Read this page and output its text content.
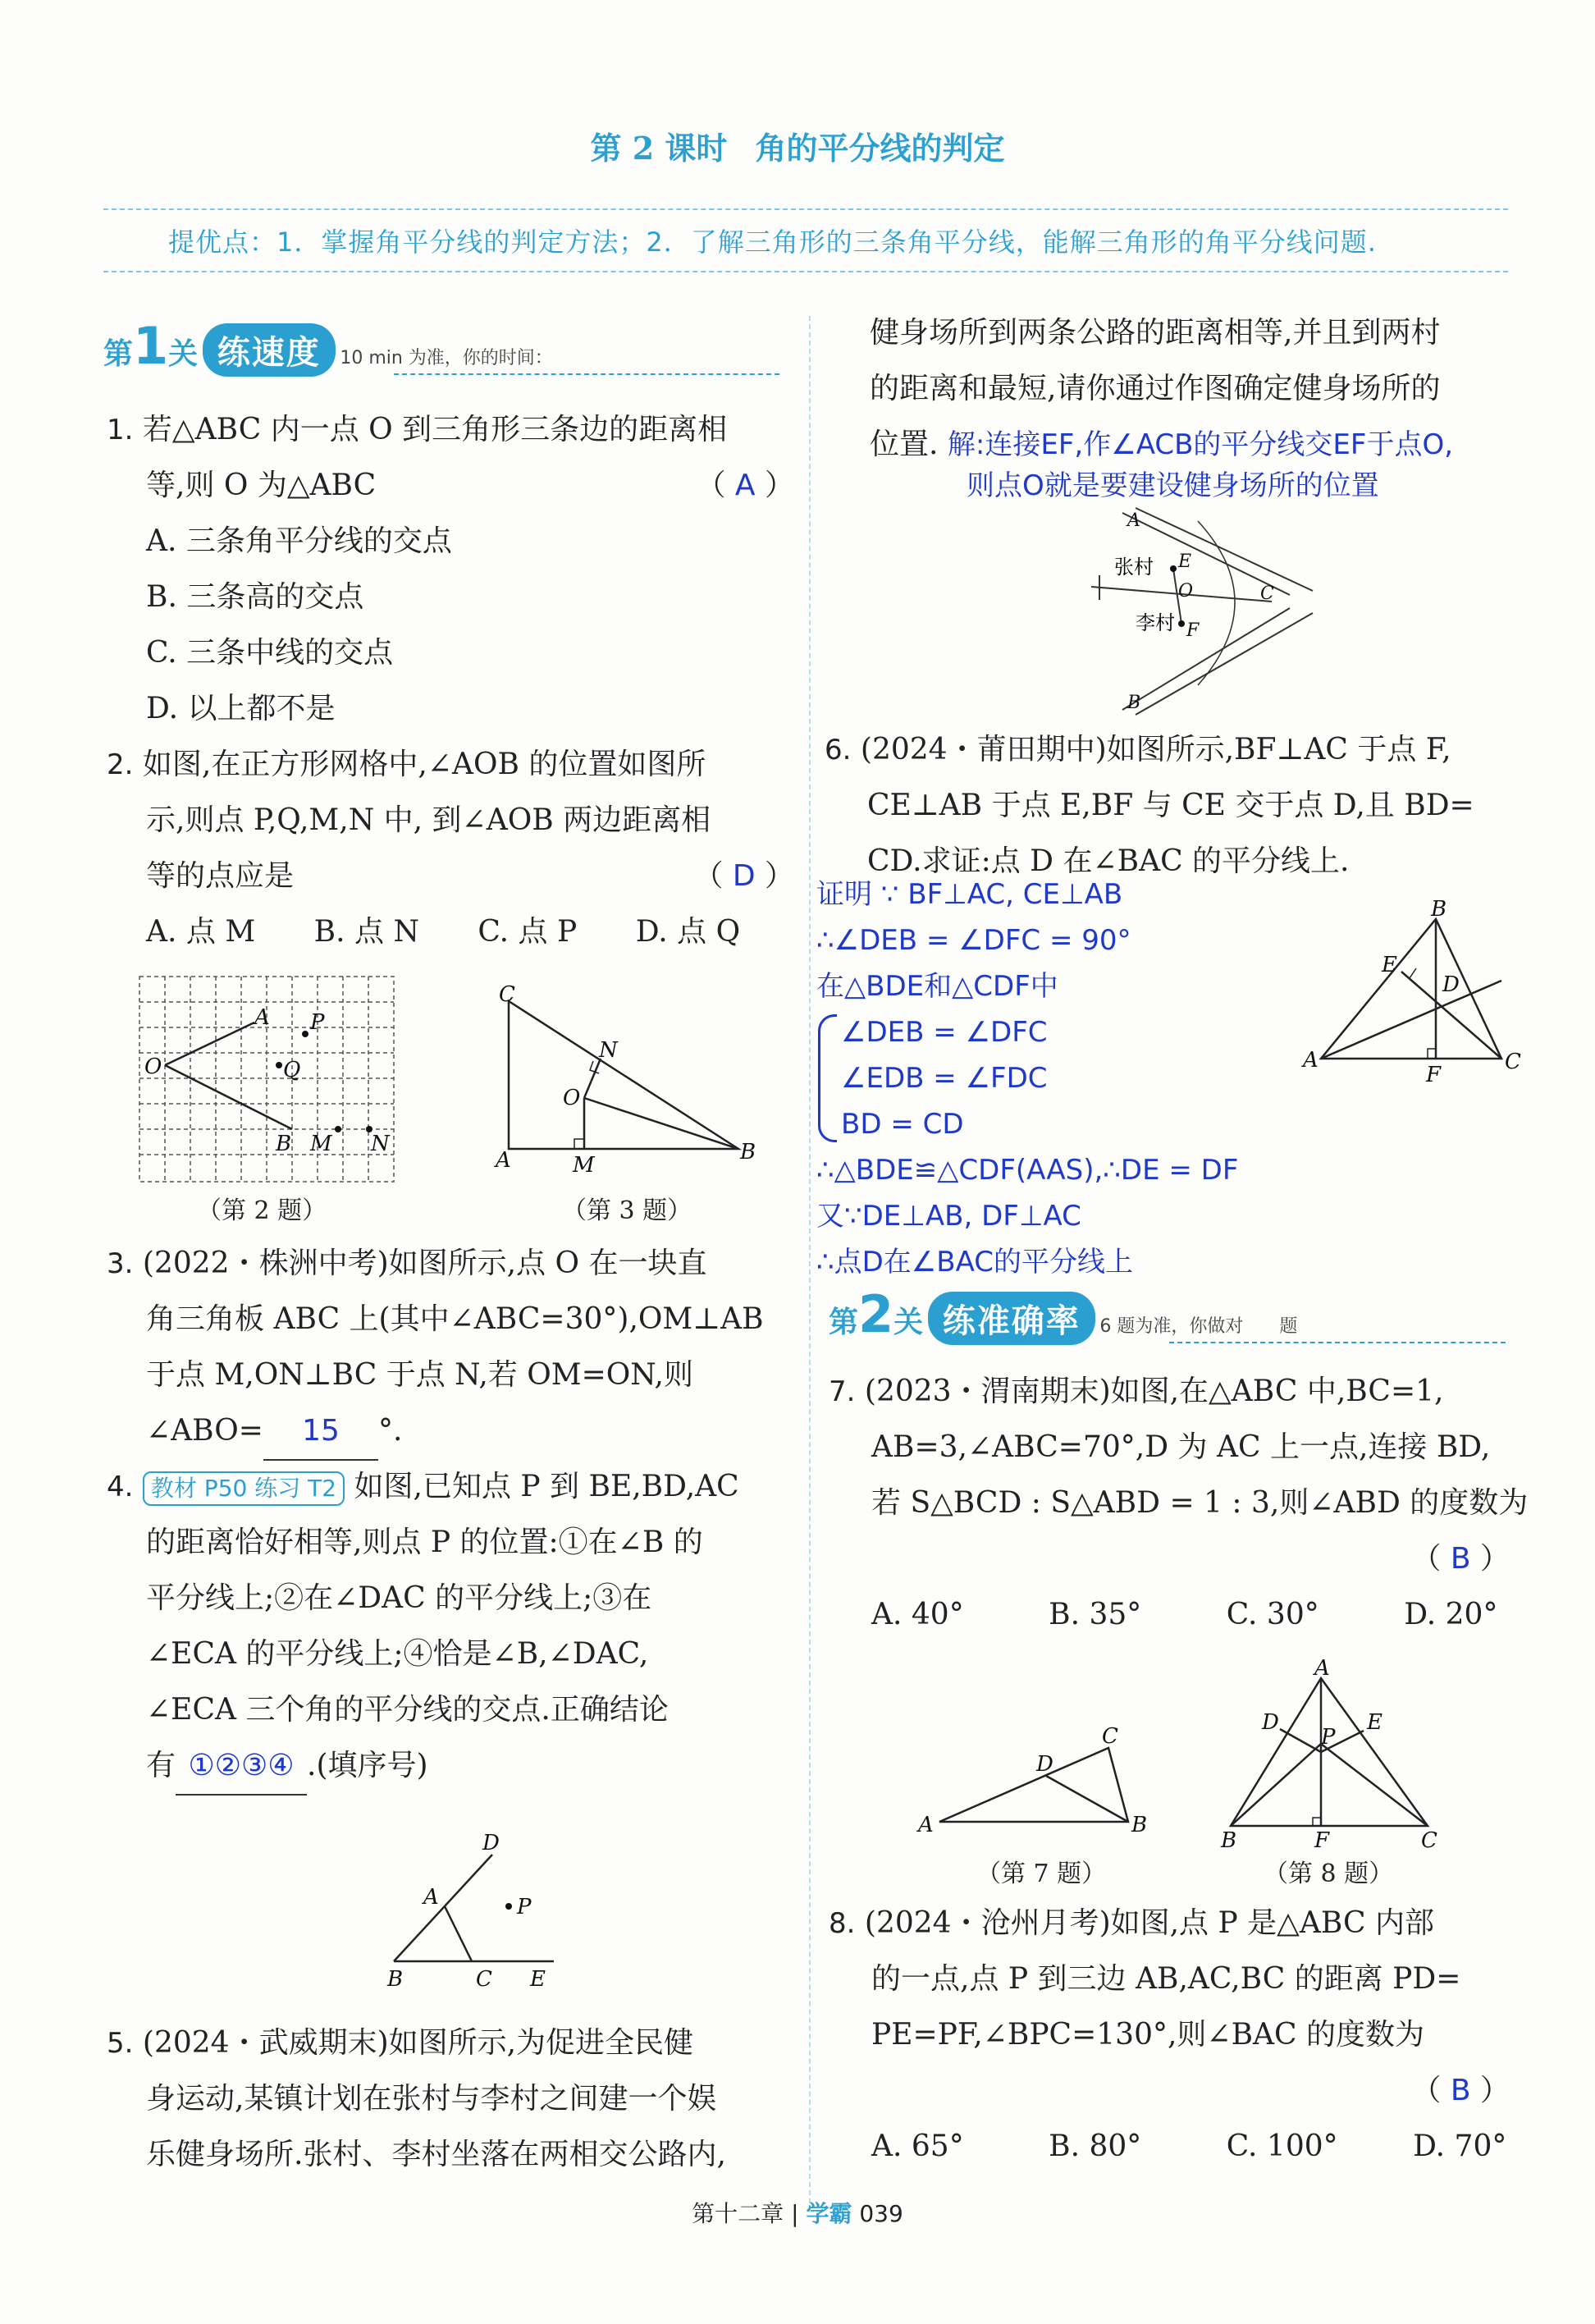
第 2 课时 角的平分线的判定
提优点：1．掌握角平分线的判定方法；2．了解三角形的三条角平分线，能解三角形的角平分线问题.
第1关 练速度 10 min 为准，你的时间：
1. 若△ABC 内一点 O 到三角形三条边的距离相
等,则 O 为△ABC	（ A ）
A. 三条角平分线的交点
B. 三条高的交点
C. 三条中线的交点
D. 以上都不是
2. 如图,在正方形网格中,∠AOB 的位置如图所
示,则点 P,Q,M,N 中, 到∠AOB 两边距离相
等的点应是	（ D ）
A. 点 M B. 点 N C. 点 P D. 点 Q
O
A P
Q
B M N
（第 2 题）
C
A	M
B
O
N
（第 3 题）
3. (2022・株洲中考)如图所示,点 O 在一块直
角三角板 ABC 上(其中∠ABC=30°),OM⊥AB
于点 M,ON⊥BC 于点 N,若 OM=ON,则
∠ABO= 15 °.
4. 教材 P50 练习 T2 如图,已知点 P 到 BE,BD,AC
的距离恰好相等,则点 P 的位置:①在∠B 的
平分线上;②在∠DAC 的平分线上;③在
∠ECA 的平分线上;④恰是∠B,∠DAC,
∠ECA 三个角的平分线的交点.正确结论
有 ①②③④ .(填序号)
D
A	P
B	C E
5. (2024・武威期末)如图所示,为促进全民健
身运动,某镇计划在张村与李村之间建一个娱
乐健身场所.张村、李村坐落在两相交公路内,
健身场所到两条公路的距离相等,并且到两村
的距离和最短,请你通过作图确定健身场所的
位置. 解:连接EF,作∠ACB的平分线交EF于点O,
则点O就是要建设健身场所的位置
A
B
C
E
F
O
张村
李村
6. (2024・莆田期中)如图所示,BF⊥AC 于点 F,
CE⊥AB 于点 E,BF 与 CE 交于点 D,且 BD=
CD.求证:点 D 在∠BAC 的平分线上.
证明 ∵ BF⊥AC, CE⊥AB
∴∠DEB = ∠DFC = 90°
在△BDE和△CDF中
∠DEB = ∠DFC
∠EDB = ∠FDC
BD = CD
∴△BDE≌△CDF(AAS),∴DE = DF
又∵DE⊥AB, DF⊥AC
∴点D在∠BAC的平分线上
B
E
D
A	C
F
第2关 练准确率 6 题为准，你做对　　题
7. (2023・渭南期末)如图,在△ABC 中,BC=1,
AB=3,∠ABC=70°,D 为 AC 上一点,连接 BD,
若 S△BCD : S△ABD = 1 : 3,则∠ABD 的度数为
（ B ）

A. 40°	B. 35°	C. 30°	D. 20°
A	B
C
D
（第 7 题）
A
D	E
P
B	F	C
（第 8 题）
8. (2024・沧州月考)如图,点 P 是△ABC 内部
的一点,点 P 到三边 AB,AC,BC 的距离 PD=
PE=PF,∠BPC=130°,则∠BAC 的度数为
（ B ）

A. 65°	B. 80°	C. 100°	D. 70°
第十二章 | 学霸 039
